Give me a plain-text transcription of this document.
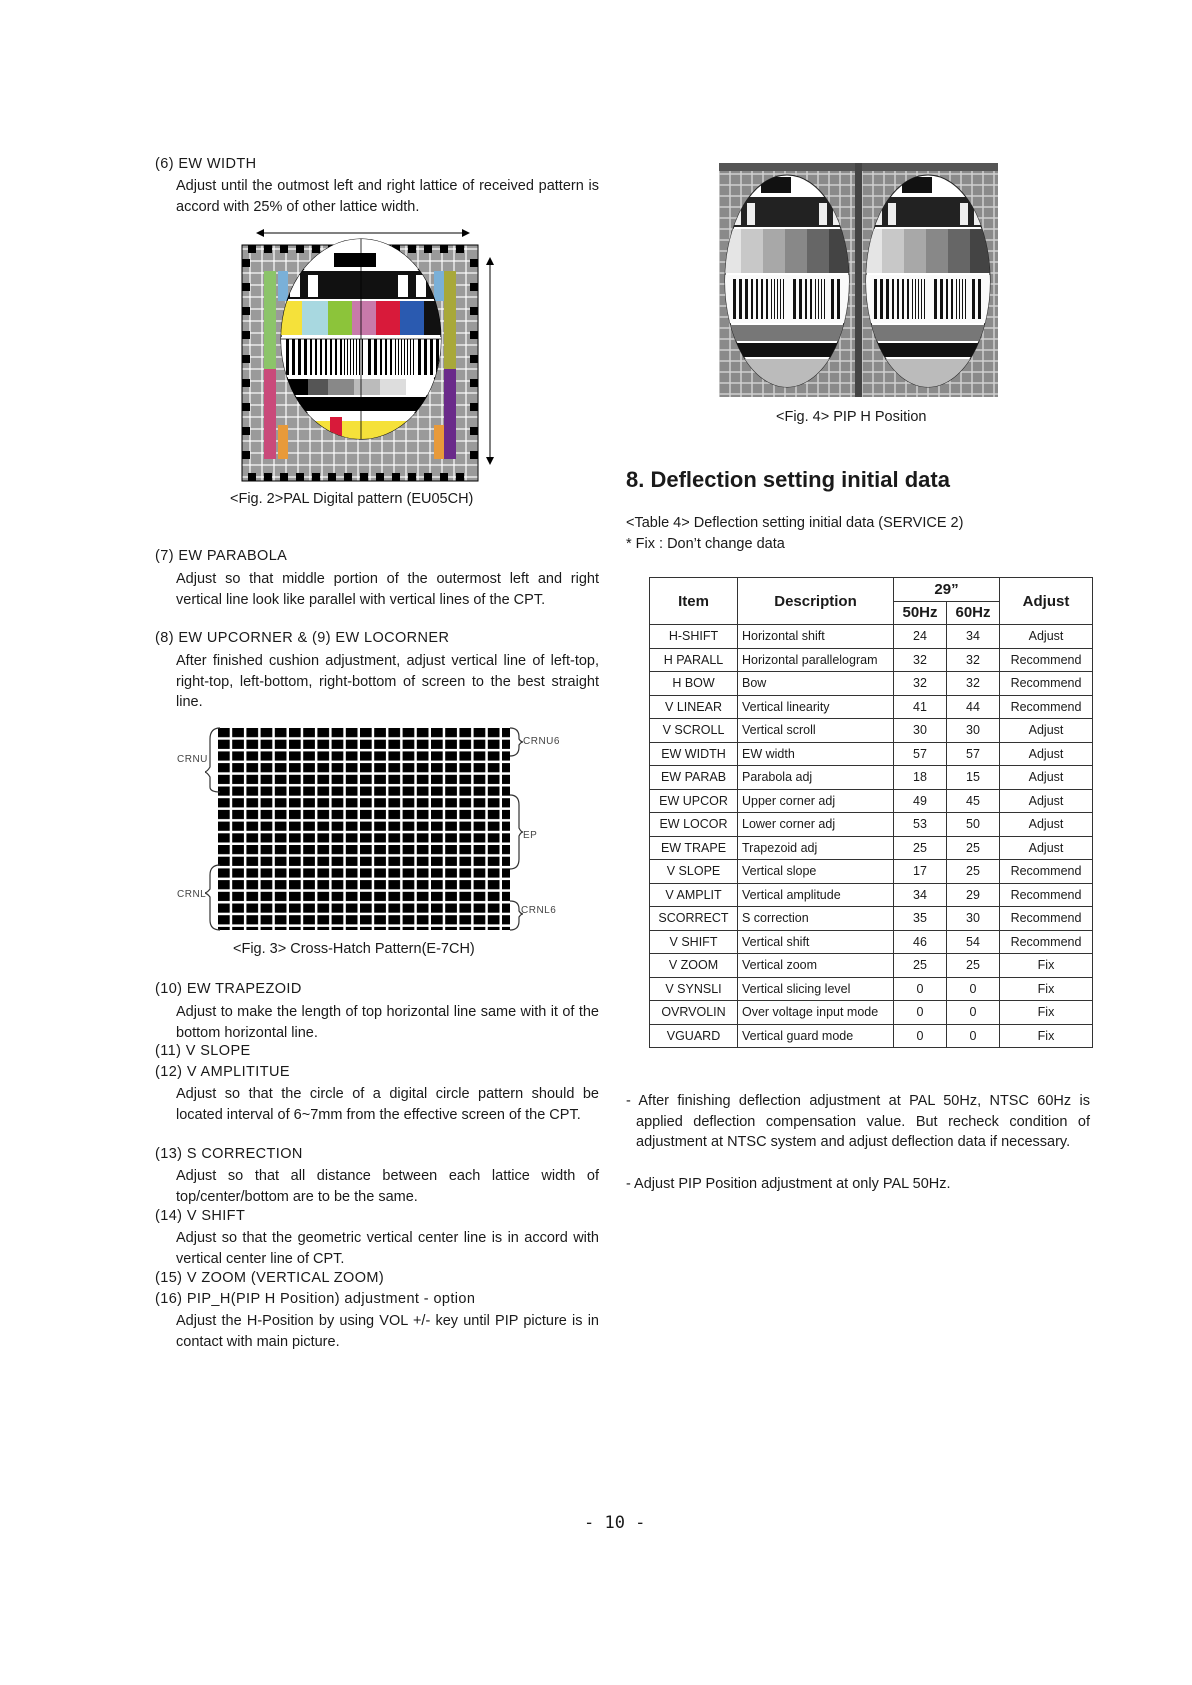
(6) EW WIDTH
Adjust until the outmost left and right lattice of received pattern is accord with 25% of other lattice width.
<Fig. 2>PAL Digital pattern (EU05CH)
(7) EW PARABOLA
Adjust so that middle portion of the outermost left and right vertical line look like parallel with vertical lines of the CPT.
(8) EW UPCORNER & (9) EW LOCORNER
After finished cushion adjustment, adjust vertical line of left-top, right-top, left-bottom, right-bottom of screen to the best straight line.
CRNU
CRNU6
EP
CRNL
CRNL6
<Fig. 3> Cross-Hatch Pattern(E-7CH)
(10) EW TRAPEZOID
Adjust to make the length of top horizontal line same with it of the bottom horizontal line.
(11) V SLOPE
(12) V AMPLITITUE
Adjust so that the circle of a digital circle pattern should be located interval of 6~7mm from the effective screen of the CPT.
(13) S CORRECTION
Adjust so that all distance between each lattice width of top/center/bottom are to be the same.
(14) V SHIFT
Adjust so that the geometric vertical center line is in accord with vertical center line of CPT.
(15) V ZOOM (VERTICAL ZOOM)
(16) PIP_H(PIP H Position) adjustment - option
Adjust the H-Position by using VOL +/- key until PIP picture is in contact with main picture.
<Fig. 4> PIP H Position
8. Deflection setting initial data
<Table 4> Deflection setting initial data (SERVICE 2)
* Fix : Don’t change data
Item	Description	29”		Adjust
		50Hz	60Hz	
H-SHIFT	Horizontal shift	24	34	Adjust
H PARALL	Horizontal parallelogram	32	32	Recommend
H BOW	Bow	32	32	Recommend
V LINEAR	Vertical linearity	41	44	Recommend
V SCROLL	Vertical scroll	30	30	Adjust
EW WIDTH	EW width	57	57	Adjust
EW PARAB	Parabola adj	18	15	Adjust
EW UPCOR	Upper corner adj	49	45	Adjust
EW LOCOR	Lower corner adj	53	50	Adjust
EW TRAPE	Trapezoid adj	25	25	Adjust
V SLOPE	Vertical slope	17	25	Recommend
V AMPLIT	Vertical amplitude	34	29	Recommend
SCORRECT	S correction	35	30	Recommend
V SHIFT	Vertical shift	46	54	Recommend
V ZOOM	Vertical zoom	25	25	Fix
V SYNSLI	Vertical slicing level	0	0	Fix
OVRVOLIN	Over voltage input mode	0	0	Fix
VGUARD	Vertical guard mode	0	0	Fix
- After finishing deflection adjustment at PAL 50Hz, NTSC 60Hz is applied deflection compensation value. But recheck condition of adjustment at NTSC system and adjust deflection data if necessary.
- Adjust PIP Position adjustment at only PAL 50Hz.
- 10 -
